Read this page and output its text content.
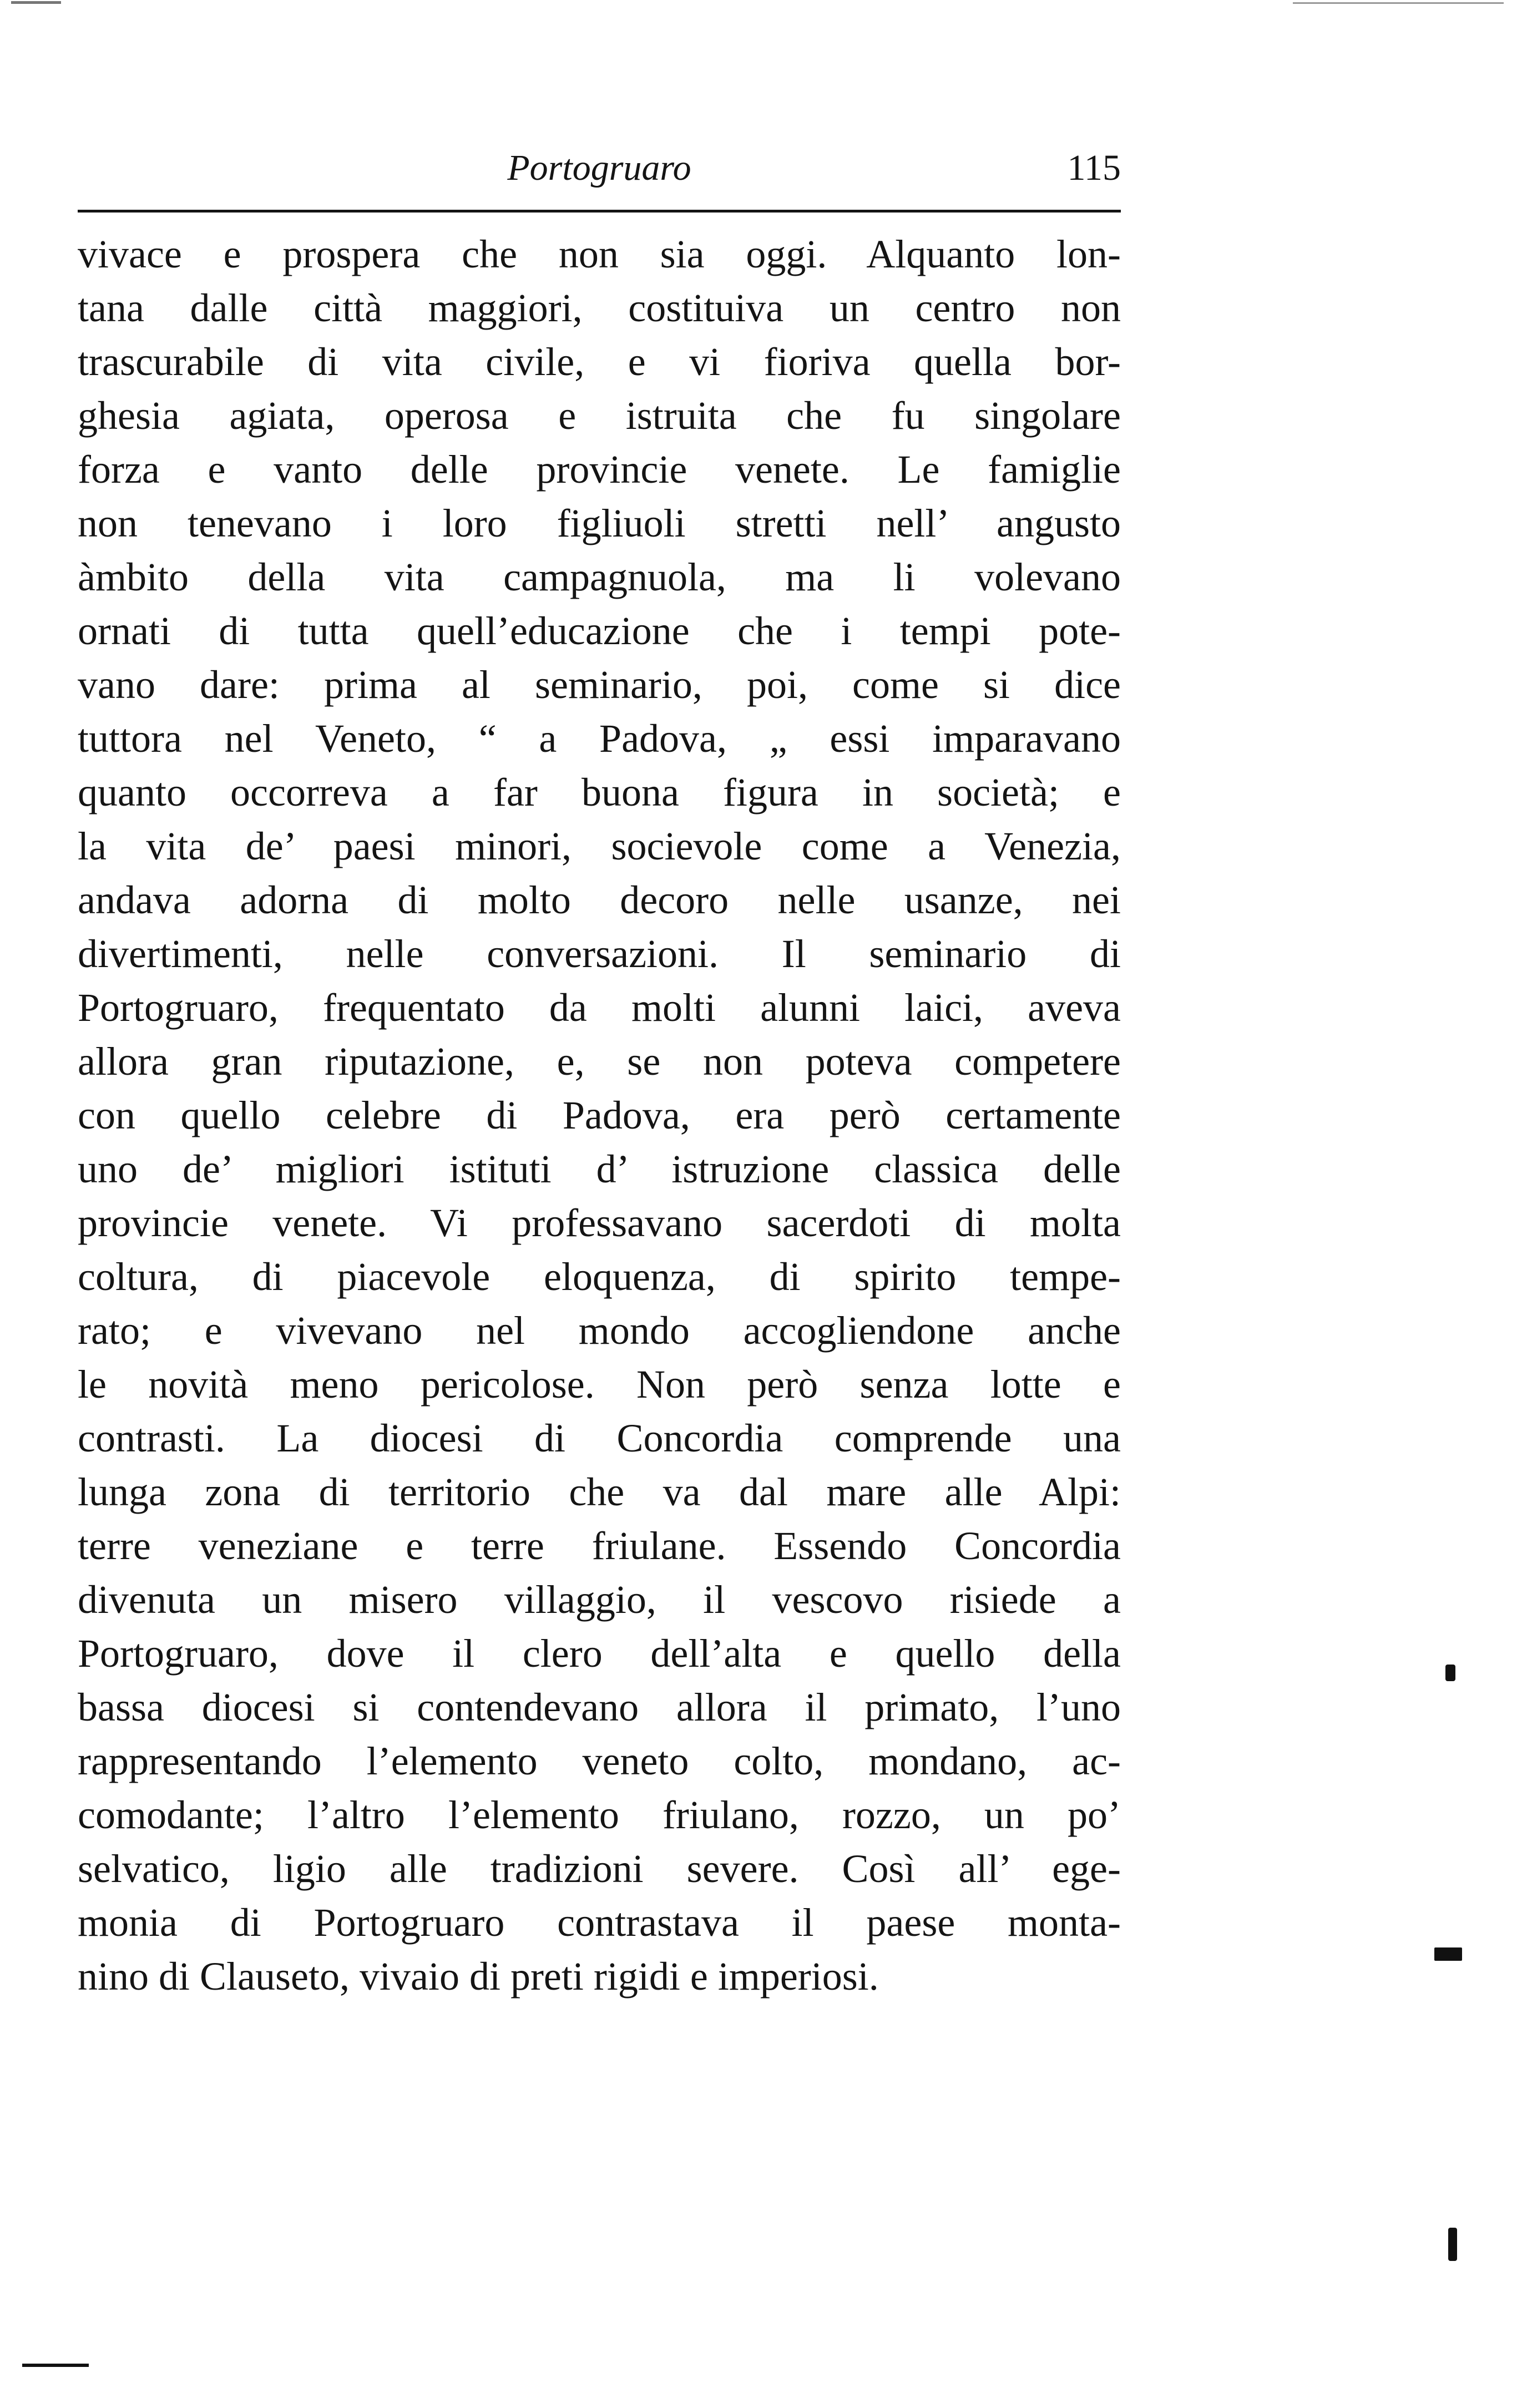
Portogruaro	115
vivace e prospera che non sia oggi. Alquanto lon-
tana dalle città maggiori, costituiva un centro non
trascurabile di vita civile, e vi fioriva quella bor-
ghesia agiata, operosa e istruita che fu singolare
forza e vanto delle provincie venete. Le famiglie
non tenevano i loro figliuoli stretti nell’ angusto
àmbito della vita campagnuola, ma li volevano
ornati di tutta quell’educazione che i tempi pote-
vano dare: prima al seminario, poi, come si dice
tuttora nel Veneto, “ a Padova, „ essi imparavano
quanto occorreva a far buona figura in società; e
la vita de’ paesi minori, socievole come a Venezia,
andava adorna di molto decoro nelle usanze, nei
divertimenti, nelle conversazioni. Il seminario di
Portogruaro, frequentato da molti alunni laici, aveva
allora gran riputazione, e, se non poteva competere
con quello celebre di Padova, era però certamente
uno de’ migliori istituti d’ istruzione classica delle
provincie venete. Vi professavano sacerdoti di molta
coltura, di piacevole eloquenza, di spirito tempe-
rato; e vivevano nel mondo accogliendone anche
le novità meno pericolose. Non però senza lotte e
contrasti. La diocesi di Concordia comprende una
lunga zona di territorio che va dal mare alle Alpi:
terre veneziane e terre friulane. Essendo Concordia
divenuta un misero villaggio, il vescovo risiede a
Portogruaro, dove il clero dell’alta e quello della
bassa diocesi si contendevano allora il primato, l’uno
rappresentando l’elemento veneto colto, mondano, ac-
comodante; l’altro l’elemento friulano, rozzo, un po’
selvatico, ligio alle tradizioni severe. Così all’ egе-
monia di Portogruaro contrastava il paese monta-
nino di Clauseto, vivaio di preti rigidi e imperiosi.
